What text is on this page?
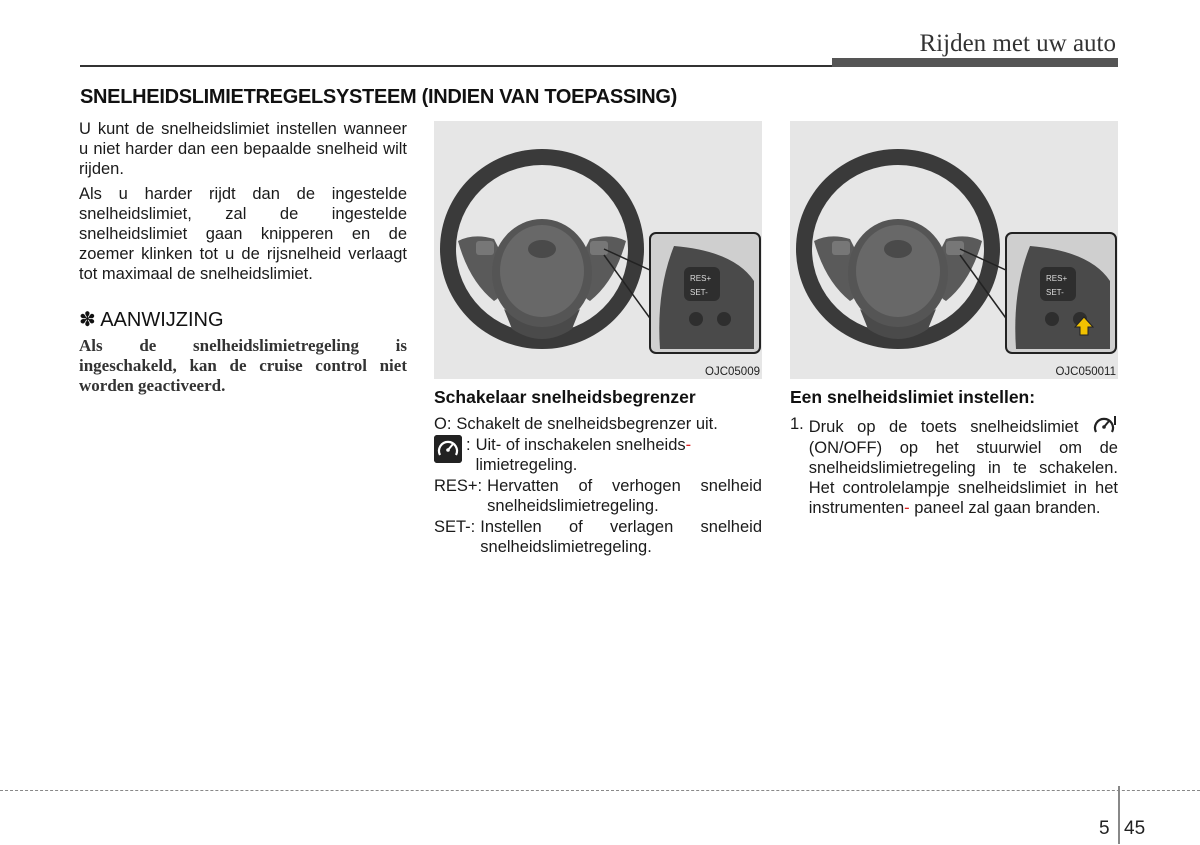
Rijden met uw auto
SNELHEIDSLIMIETREGELSYSTEEM (INDIEN VAN TOEPASSING)

U kunt de snelheidslimiet instellen wanneer u niet harder dan een bepaalde snelheid wilt rijden.

Als u harder rijdt dan de ingestelde snelheidslimiet, zal de ingestelde snelheidslimiet gaan knipperen en de zoemer klinken tot u de rijsnelheid verlaagt tot maximaal de snelheidslimiet.

✽ AANWIJZING

Als de snelheidslimietregeling is ingeschakeld, kan de cruise control niet worden geactiveerd.

RES+
SET-
OJC05009
Schakelaar snelheidsbegrenzer
O: Schakelt de snelheidsbegrenzer uit.
: Uit- of inschakelen snelheids-
limietregeling.
RES+: Hervatten of verhogen snelheid snelheidslimietregeling.
SET-: Instellen of verlagen snelheid snelheidslimietregeling.
RES+
SET-
OJC050011
Een snelheidslimiet instellen:
1. Druk op de toets snelheidslimiet  (ON/OFF) op het stuurwiel om de snelheidslimietregeling in te schakelen. Het controlelampje snelheidslimiet in het instrumenten- paneel zal gaan branden.
5 45
